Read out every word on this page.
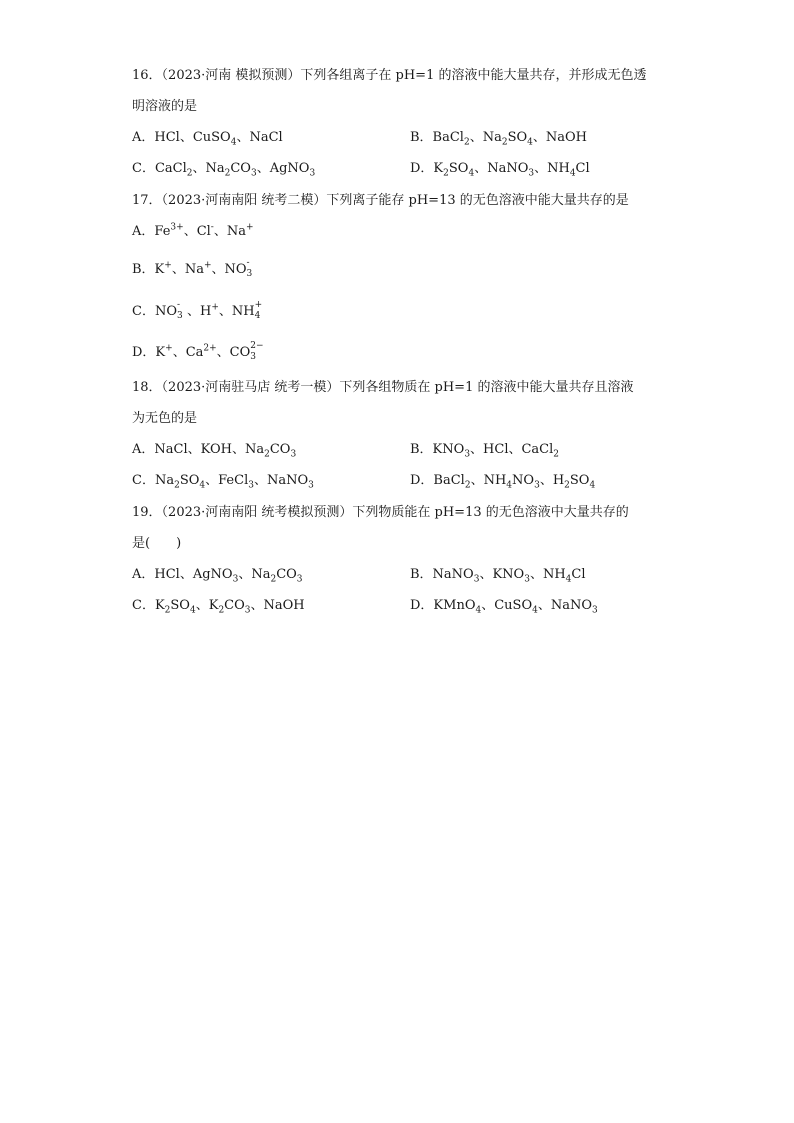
16．（2023·河南 模拟预测）下列各组离子在 pH=1 的溶液中能大量共存，并形成无色透
明溶液的是
A．HCl、CuSO$_4$、NaCl	B．BaCl$_2$、$Na_2SO_4$、NaOH
C．CaCl$_2$、$Na_2CO_3$、AgNO$_3$	D．$K_2SO_4$、NaNO$_3$、$NH_4Cl$
17．（2023·河南南阳 统考二模）下列离子能存 pH=13 的无色溶液中能大量共存的是
A．$Fe^{3+}$、Cl-、Na+
B．K+、Na+、NO -
3
C．NO -
3 、H+、NH +
4
D．K+、$Ca^{2+}$、CO 2−
3
18．（2023·河南驻马店 统考一模）下列各组物质在 pH=1 的溶液中能大量共存且溶液
为无色的是
A．NaCl、KOH、$Na_2CO_3$	B．$KNO_3$、HCl、CaCl$_2$
C．$Na_2SO_4$、FeCl$_3$、NaNO$_3$	D．BaCl$_2$、$NH_4NO_3$、$H_2SO_4$
19．（2023·河南南阳 统考模拟预测）下列物质能在 pH=13 的无色溶液中大量共存的
是(　　)
A．HCl、AgNO$_3$、$Na_2CO_3$	B．NaNO$_3$、$KNO_3$、$NH_4Cl$
C．$K_2SO_4$、$K_2CO_3$、NaOH	D．KMnO$_4$、CuSO$_4$、NaNO$_3$
